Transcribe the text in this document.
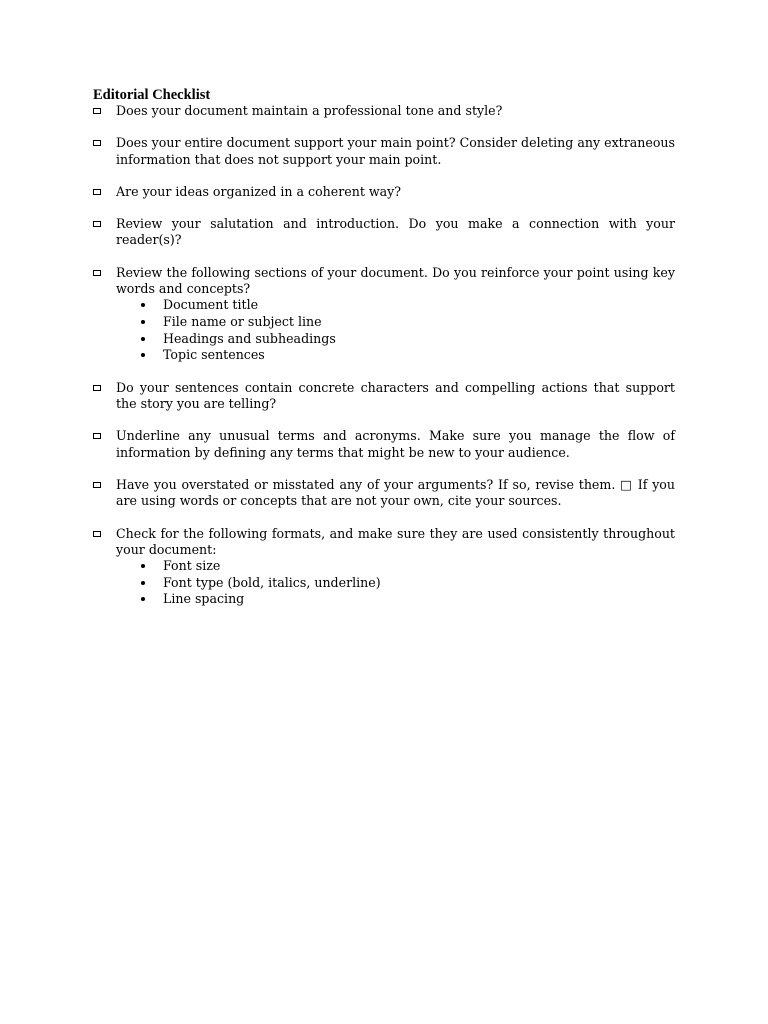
Editorial Checklist

Does your document maintain a professional tone and style?

Does your entire document support your main point? Consider deleting any extraneous information that does not support your main point.

Are your ideas organized in a coherent way?

Review your salutation and introduction. Do you make a connection with your reader(s)?

Review the following sections of your document. Do you reinforce your point using key words and concepts?

Document title
File name or subject line
Headings and subheadings
Topic sentences

Do your sentences contain concrete characters and compelling actions that support the story you are telling?

Underline any unusual terms and acronyms. Make sure you manage the flow of information by defining any terms that might be new to your audience.

Have you overstated or misstated any of your arguments? If so, revise them. □ If you are using words or concepts that are not your own, cite your sources.

Check for the following formats, and make sure they are used consistently throughout your document:

Font size
Font type (bold, italics, underline)
Line spacing
